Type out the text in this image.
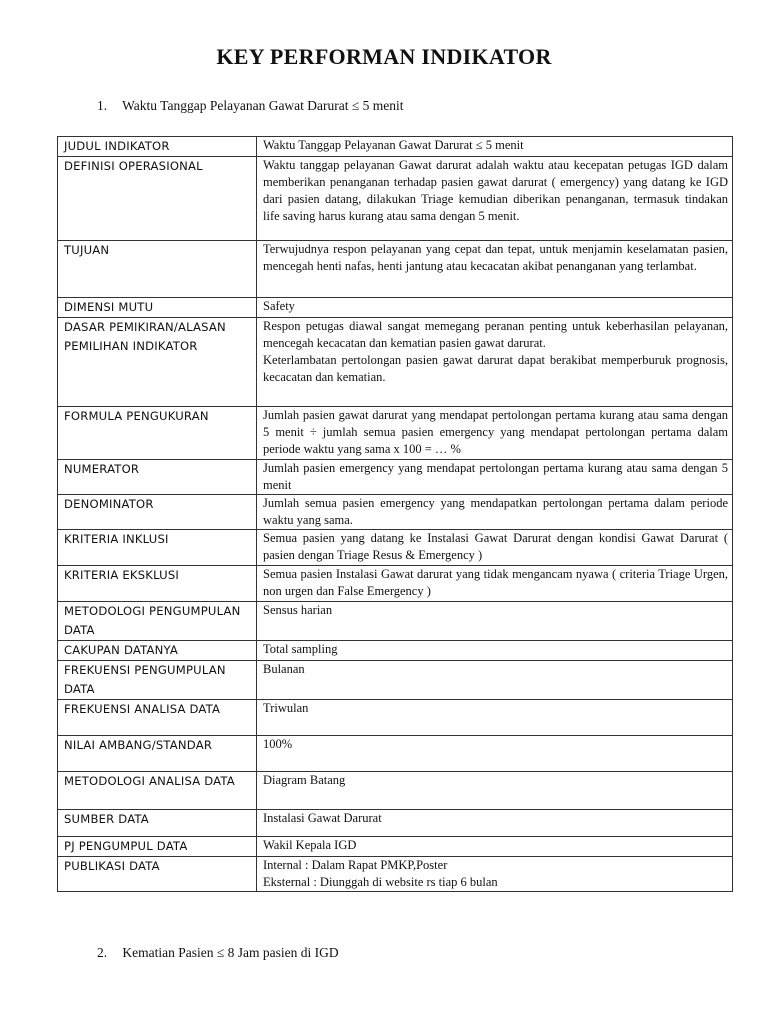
KEY PERFORMAN INDIKATOR
1. Waktu Tanggap Pelayanan Gawat Darurat ≤ 5 menit
JUDUL INDIKATOR	Waktu Tanggap Pelayanan Gawat Darurat ≤ 5 menit

DEFINISI OPERASIONAL	Waktu tanggap pelayanan Gawat darurat adalah waktu atau kecepatan petugas IGD dalam memberikan penanganan terhadap pasien gawat darurat ( emergency) yang datang ke IGD dari pasien datang, dilakukan Triage kemudian diberikan penanganan, termasuk tindakan life saving harus kurang atau sama dengan 5 menit.

TUJUAN	Terwujudnya respon pelayanan yang cepat dan tepat, untuk menjamin keselamatan pasien, mencegah henti nafas, henti jantung atau kecacatan akibat penanganan yang terlambat.

DIMENSI MUTU	Safety

DASAR PEMIKIRAN/ALASAN PEMILIHAN INDIKATOR	Respon petugas diawal sangat memegang peranan penting untuk keberhasilan pelayanan, mencegah kecacatan dan kematian pasien gawat darurat.

Keterlambatan pertolongan pasien gawat darurat dapat berakibat memperburuk prognosis, kecacatan dan kematian.

FORMULA PENGUKURAN	Jumlah pasien gawat darurat yang mendapat pertolongan pertama kurang atau sama dengan 5 menit ÷ jumlah semua pasien emergency yang mendapat pertolongan pertama dalam periode waktu yang sama x 100 = … %

NUMERATOR	Jumlah pasien emergency yang mendapat pertolongan pertama kurang atau sama dengan 5 menit

DENOMINATOR	Jumlah semua pasien emergency yang mendapatkan pertolongan pertama dalam periode waktu yang sama.

KRITERIA INKLUSI	Semua pasien yang datang ke Instalasi Gawat Darurat dengan kondisi Gawat Darurat ( pasien dengan Triage Resus & Emergency )

KRITERIA EKSKLUSI	Semua pasien Instalasi Gawat darurat yang tidak mengancam nyawa ( criteria Triage Urgen, non urgen dan False Emergency )

METODOLOGI PENGUMPULAN DATA	Sensus harian

CAKUPAN DATANYA	Total sampling

FREKUENSI PENGUMPULAN DATA	Bulanan

FREKUENSI ANALISA DATA	Triwulan

NILAI AMBANG/STANDAR	100%

METODOLOGI ANALISA DATA	Diagram Batang

SUMBER DATA	Instalasi Gawat Darurat

PJ PENGUMPUL DATA	Wakil Kepala IGD

PUBLIKASI DATA	Internal : Dalam Rapat PMKP,Poster

Eksternal : Diunggah di website rs tiap 6 bulan

2. Kematian Pasien ≤ 8 Jam pasien di IGD
